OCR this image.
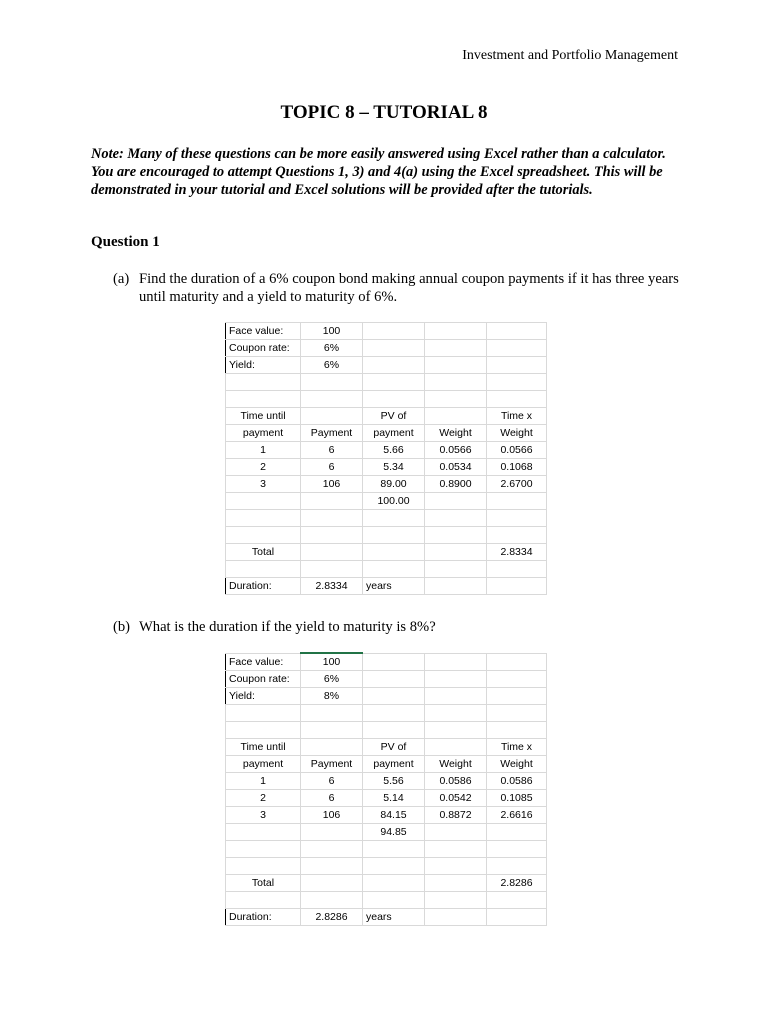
Investment and Portfolio Management
TOPIC 8 – TUTORIAL 8
Note: Many of these questions can be more easily answered using Excel rather than a calculator. You are encouraged to attempt Questions 1, 3) and 4(a) using the Excel spreadsheet. This will be demonstrated in your tutorial and Excel solutions will be provided after the tutorials.
Question 1
(a) Find the duration of a 6% coupon bond making annual coupon payments if it has three years until maturity and a yield to maturity of 6%.
Face value:	100			
Coupon rate:	6%			
Yield:	6%			

Time until		PV of		Time x
payment	Payment	payment	Weight	Weight
1	6	5.66	0.0566	0.0566
2	6	5.34	0.0534	0.1068
3	106	89.00	0.8900	2.6700
		100.00		

Total				2.8334

Duration:	2.8334	years		
(b) What is the duration if the yield to maturity is 8%?
Face value:	100			
Coupon rate:	6%			
Yield:	8%			

Time until		PV of		Time x
payment	Payment	payment	Weight	Weight
1	6	5.56	0.0586	0.0586
2	6	5.14	0.0542	0.1085
3	106	84.15	0.8872	2.6616
		94.85		

Total				2.8286

Duration:	2.8286	years		
